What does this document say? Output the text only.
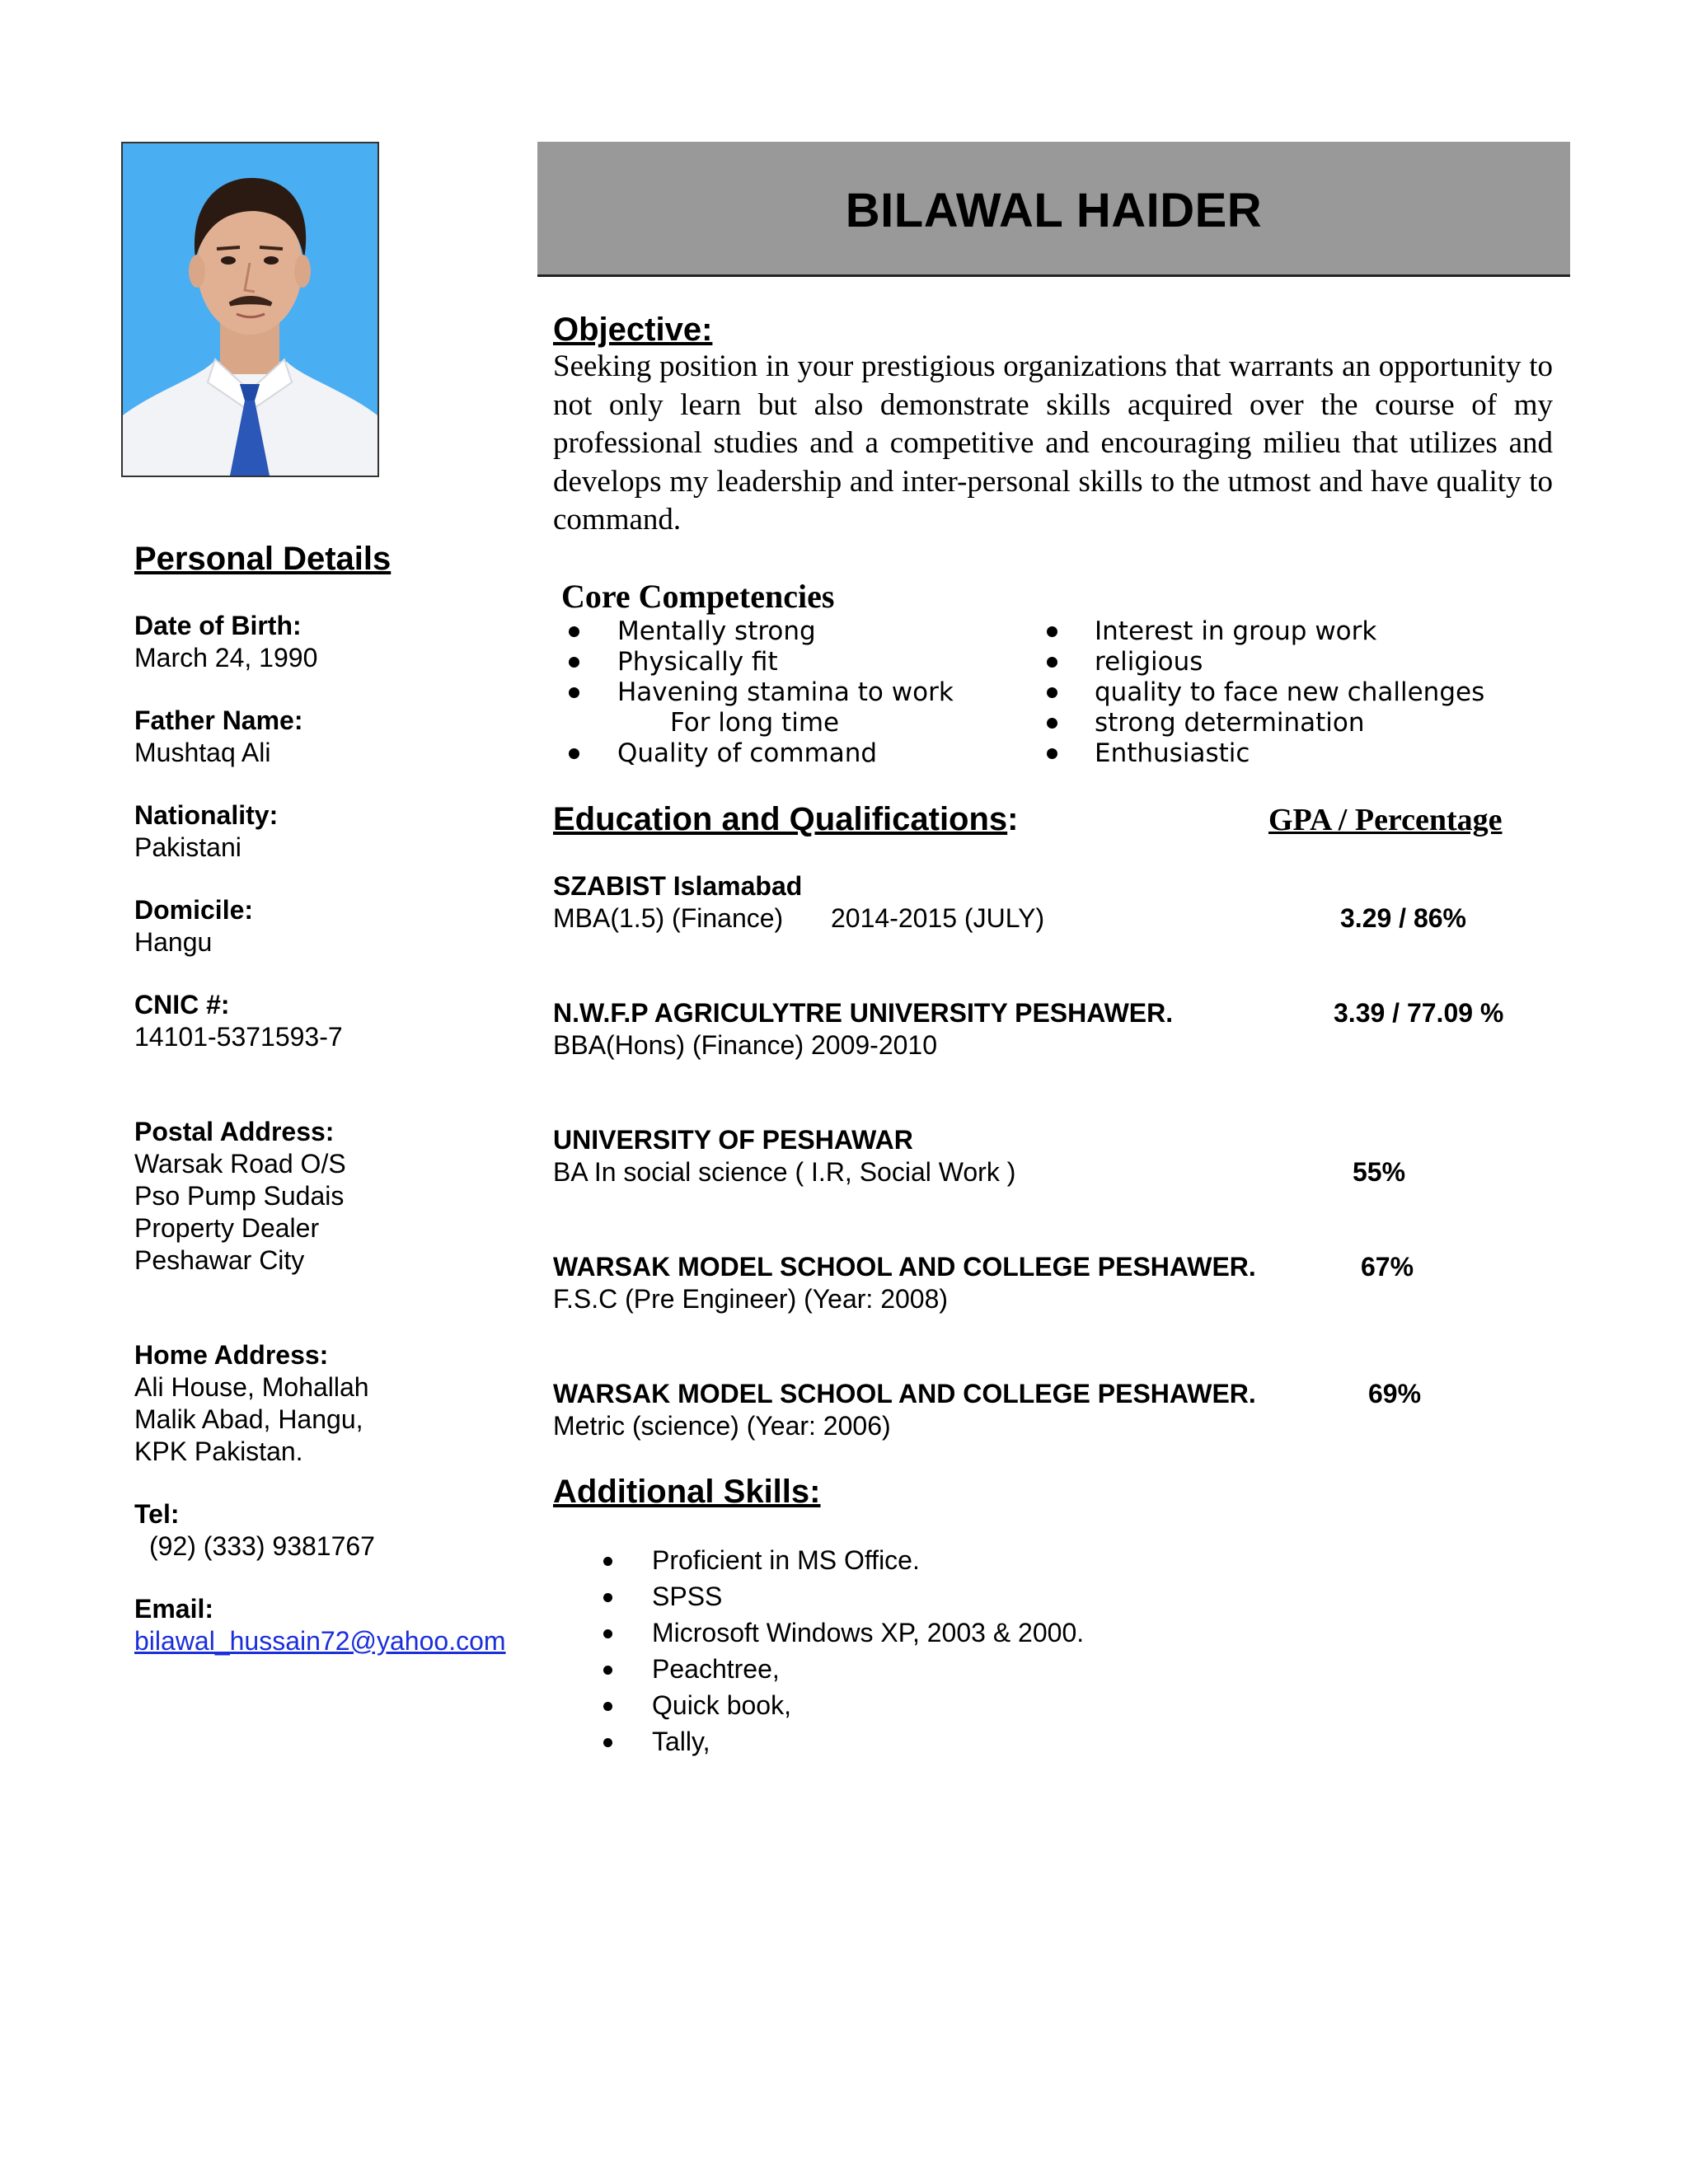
BILAWAL HAIDER
Objective:
Seeking position in your prestigious organizations that warrants an opportunity to not only learn but also demonstrate skills acquired over the course of my professional studies and a competitive and encouraging milieu that utilizes and develops my leadership and inter-personal skills to the utmost and have quality to command.
Personal Details
Date of Birth:
March 24, 1990
Father Name:
Mushtaq Ali
Nationality:
Pakistani
Domicile:
Hangu
CNIC #:
14101-5371593-7
Postal Address:
Warsak Road O/S
Pso Pump Sudais
Property Dealer
Peshawar City
Home Address:
Ali House, Mohallah
Malik Abad, Hangu,
KPK Pakistan.
Tel:
(92) (333) 9381767
Email:
bilawal_hussain72@yahoo.com
Core Competencies
Mentally strong
Physically fit
Havening stamina to work
For long time
Quality of command
Interest in group work
religious
quality to face new challenges
strong determination
Enthusiastic
Education and Qualifications:	GPA / Percentage
SZABIST Islamabad
MBA(1.5) (Finance) 2014-2015 (JULY)	3.29 / 86%
N.W.F.P AGRICULYTRE UNIVERSITY PESHAWER.	3.39 / 77.09 %
BBA(Hons) (Finance) 2009-2010
UNIVERSITY OF PESHAWAR
BA In social science ( I.R, Social Work )	55%
WARSAK MODEL SCHOOL AND COLLEGE PESHAWER.	67%
F.S.C (Pre Engineer) (Year: 2008)
WARSAK MODEL SCHOOL AND COLLEGE PESHAWER.	69%
Metric (science) (Year: 2006)
Additional Skills:
Proficient in MS Office.
SPSS
Microsoft Windows XP, 2003 & 2000.
Peachtree,
Quick book,
Tally,
